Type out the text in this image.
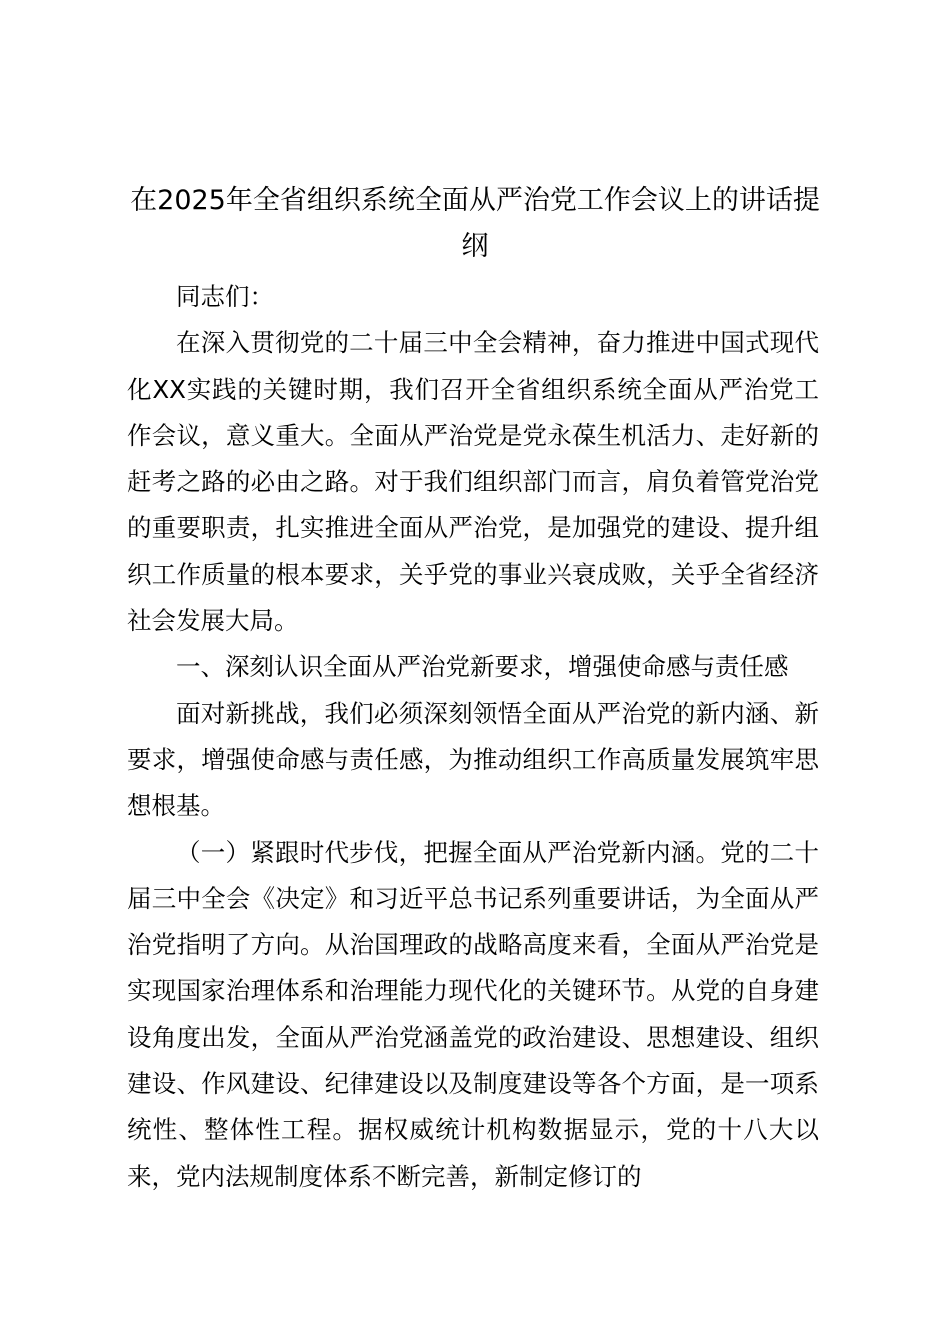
在2025年全省组织系统全面从严治党工作会议上的讲话提纲

同志们：

在深入贯彻党的二十届三中全会精神，奋力推进中国式现代化XX实践的关键时期，我们召开全省组织系统全面从严治党工作会议，意义重大。全面从严治党是党永葆生机活力、走好新的赶考之路的必由之路。对于我们组织部门而言，肩负着管党治党的重要职责，扎实推进全面从严治党，是加强党的建设、提升组织工作质量的根本要求，关乎党的事业兴衰成败，关乎全省经济社会发展大局。

一、深刻认识全面从严治党新要求，增强使命感与责任感

面对新挑战，我们必须深刻领悟全面从严治党的新内涵、新要求，增强使命感与责任感，为推动组织工作高质量发展筑牢思想根基。

（一）紧跟时代步伐，把握全面从严治党新内涵。党的二十届三中全会《决定》和习近平总书记系列重要讲话，为全面从严治党指明了方向。从治国理政的战略高度来看，全面从严治党是实现国家治理体系和治理能力现代化的关键环节。从党的自身建设角度出发，全面从严治党涵盖党的政治建设、思想建设、组织建设、作风建设、纪律建设以及制度建设等各个方面，是一项系统性、整体性工程。据权威统计机构数据显示，党的十八大以来，党内法规制度体系不断完善，新制定修订的
